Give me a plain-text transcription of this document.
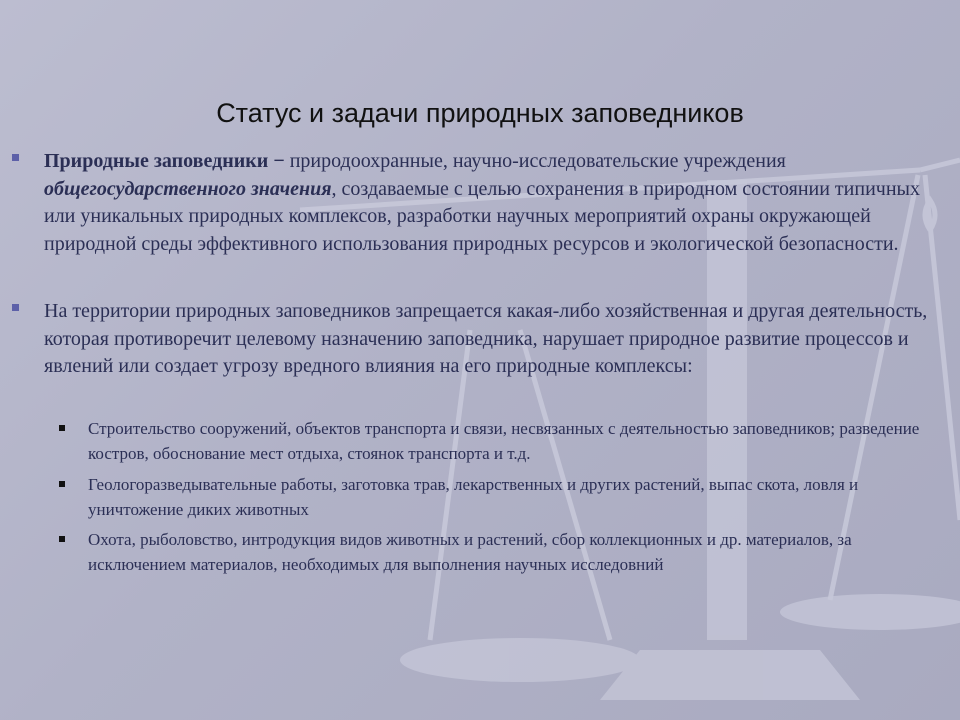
Статус и задачи природных заповедников

Природные заповедники − природоохранные, научно-исследовательские учреждения общегосударственного значения, создаваемые с целью сохранения в природном состоянии типичных или уникальных природных комплексов, разработки научных мероприятий охраны окружающей природной среды эффективного использования природных ресурсов и экологической безопасности.

На территории природных заповедников запрещается какая-либо хозяйственная и другая деятельность, которая противоречит целевому назначению заповедника, нарушает природное развитие процессов и явлений или создает угрозу вредного влияния на его природные комплексы:

Строительство сооружений, объектов транспорта и связи, несвязанных с деятельностью заповедников; разведение костров, обоснование мест отдыха, стоянок транспорта и т.д.

Геологоразведывательные работы, заготовка трав, лекарственных и других растений, выпас скота, ловля и уничтожение диких животных

Охота, рыболовство, интродукция видов животных и растений, сбор коллекционных и др. материалов, за исключением материалов, необходимых для выполнения научных исследовний
